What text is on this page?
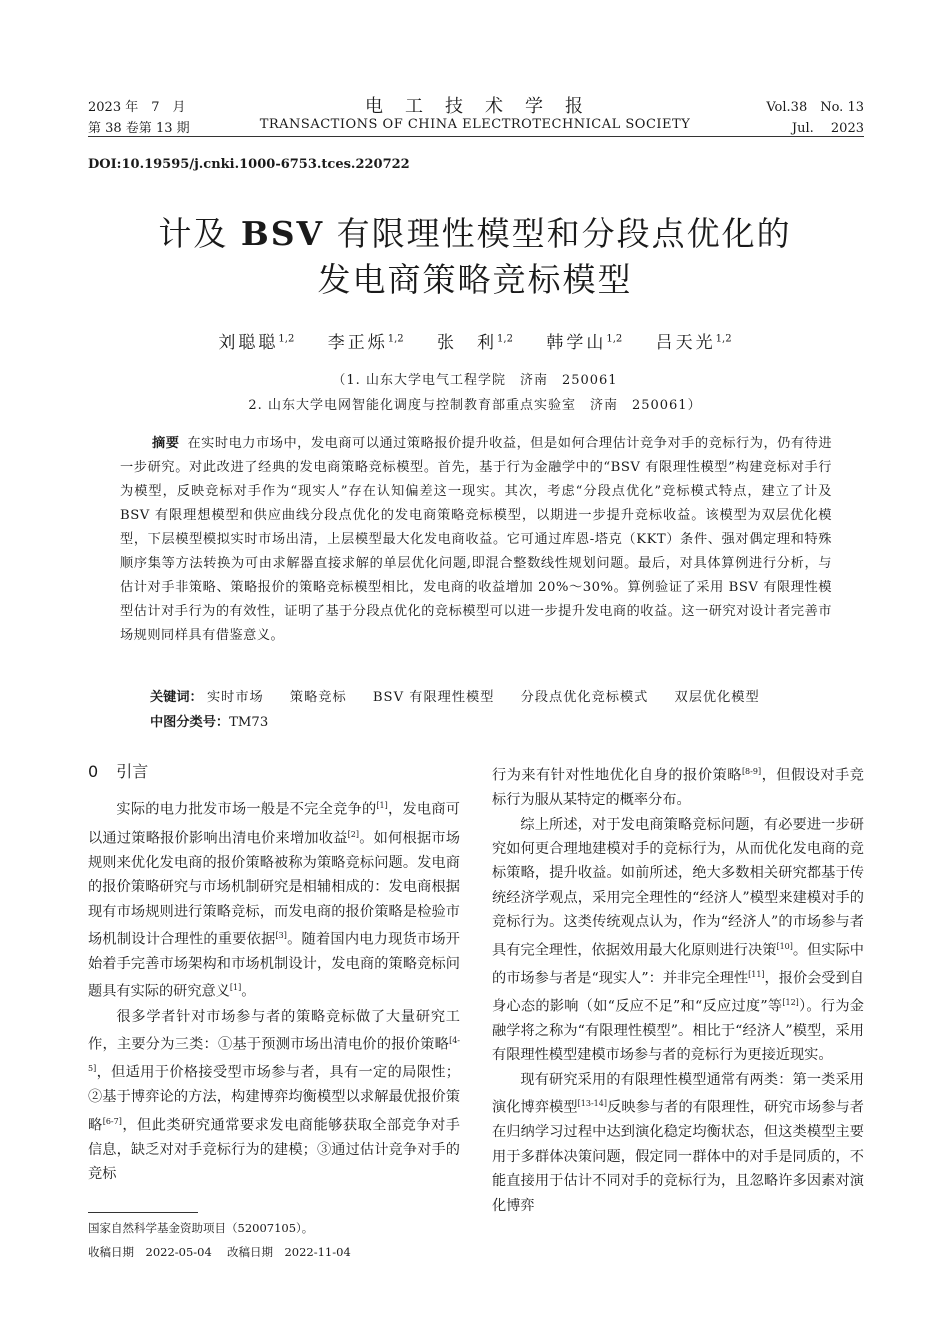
2023 年　7　月
第 38 卷第 13 期
电　工　技　术　学　报
TRANSACTIONS OF CHINA ELECTROTECHNICAL SOCIETY
Vol.38　No. 13
Jul.　 2023
DOI:10.19595/j.cnki.1000-6753.tces.220722
计及 BSV 有限理性模型和分段点优化的
发电商策略竞标模型
刘聪聪$^{1,2}$ 李正烁$^{1,2}$ 张　利$^{1,2}$ 韩学山$^{1,2}$ 吕天光$^{1,2}$
（1. 山东大学电气工程学院　济南　250061
2. 山东大学电网智能化调度与控制教育部重点实验室　济南　250061）
摘要 在实时电力市场中，发电商可以通过策略报价提升收益，但是如何合理估计竞争对手的竞标行为，仍有待进一步研究。对此改进了经典的发电商策略竞标模型。首先，基于行为金融学中的“BSV 有限理性模型”构建竞标对手行为模型，反映竞标对手作为“现实人”存在认知偏差这一现实。其次，考虑“分段点优化”竞标模式特点，建立了计及 BSV 有限理想模型和供应曲线分段点优化的发电商策略竞标模型，以期进一步提升竞标收益。该模型为双层优化模型，下层模型模拟实时市场出清，上层模型最大化发电商收益。它可通过库恩-塔克（KKT）条件、强对偶定理和特殊顺序集等方法转换为可由求解器直接求解的单层优化问题,即混合整数线性规划问题。最后，对具体算例进行分析，与估计对手非策略、策略报价的策略竞标模型相比，发电商的收益增加 20%～30%。算例验证了采用 BSV 有限理性模型估计对手行为的有效性，证明了基于分段点优化的竞标模型可以进一步提升发电商的收益。这一研究对设计者完善市场规则同样具有借鉴意义。
关键词： 实时市场 策略竞标 BSV 有限理性模型 分段点优化竞标模式 双层优化模型
中图分类号：TM73
0 引言

实际的电力批发市场一般是不完全竞争的[1]，发电商可以通过策略报价影响出清电价来增加收益[2]。如何根据市场规则来优化发电商的报价策略被称为策略竞标问题。发电商的报价策略研究与市场机制研究是相辅相成的：发电商根据现有市场规则进行策略竞标，而发电商的报价策略是检验市场机制设计合理性的重要依据[3]。随着国内电力现货市场开始着手完善市场架构和市场机制设计，发电商的策略竞标问题具有实际的研究意义[1]。

很多学者针对市场参与者的策略竞标做了大量研究工作，主要分为三类：①基于预测市场出清电价的报价策略[4-5]，但适用于价格接受型市场参与者，具有一定的局限性；②基于博弈论的方法，构建博弈均衡模型以求解最优报价策略[6-7]，但此类研究通常要求发电商能够获取全部竞争对手信息，缺乏对对手竞标行为的建模；③通过估计竞争对手的竞标

国家自然科学基金资助项目（52007105）。
收稿日期　2022-05-04　 改稿日期　2022-11-04

行为来有针对性地优化自身的报价策略[8-9]，但假设对手竞标行为服从某特定的概率分布。

综上所述，对于发电商策略竞标问题，有必要进一步研究如何更合理地建模对手的竞标行为，从而优化发电商的竞标策略，提升收益。如前所述，绝大多数相关研究都基于传统经济学观点，采用完全理性的“经济人”模型来建模对手的竞标行为。这类传统观点认为，作为“经济人”的市场参与者具有完全理性，依据效用最大化原则进行决策[10]。但实际中的市场参与者是“现实人”：并非完全理性[11]，报价会受到自身心态的影响（如“反应不足”和“反应过度”等[12]）。行为金融学将之称为“有限理性模型”。相比于“经济人”模型，采用有限理性模型建模市场参与者的竞标行为更接近现实。

现有研究采用的有限理性模型通常有两类：第一类采用演化博弈模型[13-14]反映参与者的有限理性，研究市场参与者在归纳学习过程中达到演化稳定均衡状态，但这类模型主要用于多群体决策问题，假定同一群体中的对手是同质的，不能直接用于估计不同对手的竞标行为，且忽略许多因素对演化博弈
